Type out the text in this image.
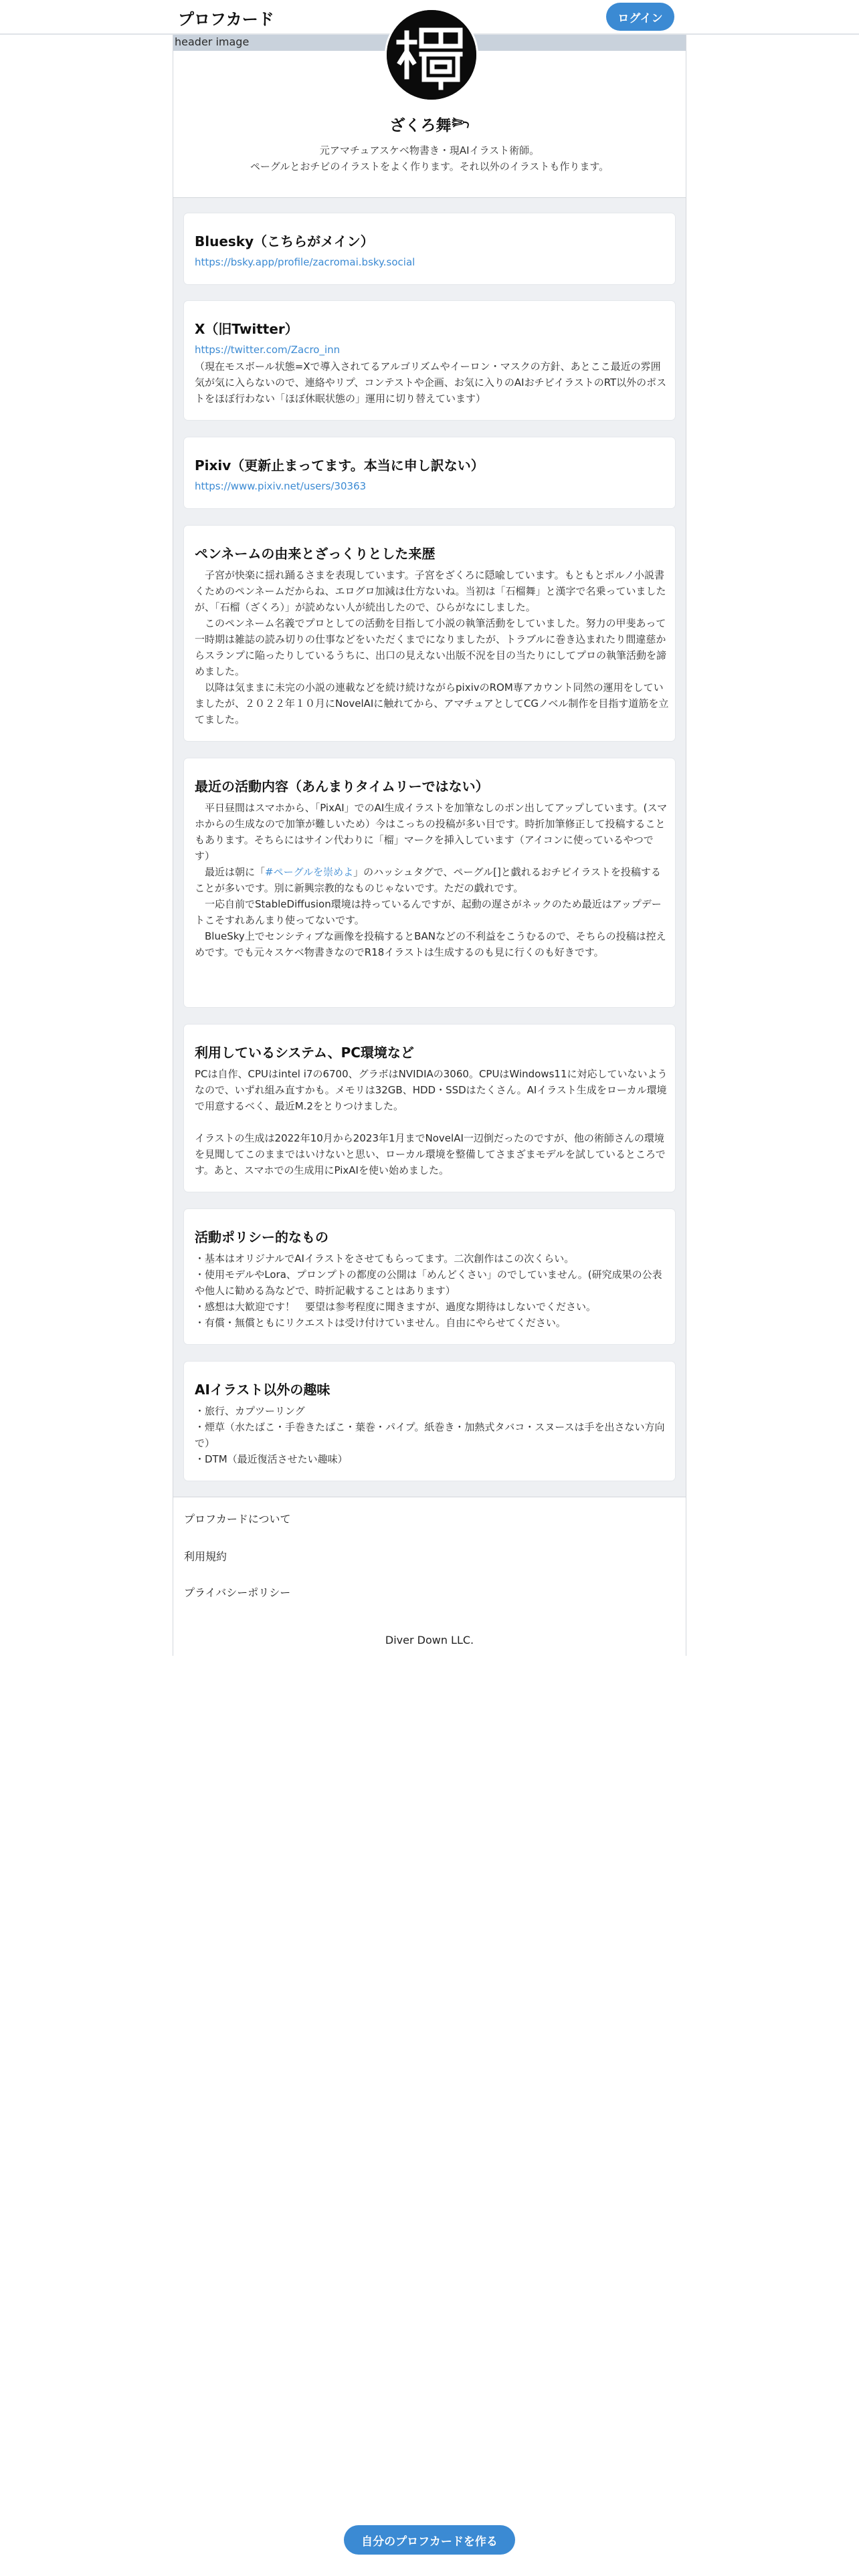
プロフカード	ログイン
header image
ざくろ舞𓆸
元アマチュアスケベ物書き・現AIイラスト術師。
ペーグルとおチビのイラストをよく作ります。それ以外のイラストも作ります。
Bluesky（こちらがメイン）
https://bsky.app/profile/zacromai.bsky.social
X（旧Twitter）
https://twitter.com/Zacro_inn

（現在モスボール状態=Xで導入されてるアルゴリズムやイーロン・マスクの方針、あとここ最近の雰囲気が気に入らないので、連絡やリプ、コンテストや企画、お気に入りのAIおチビイラストのRT以外のポストをほぼ行わない「ほぼ休眠状態の」運用に切り替えています）

Pixiv（更新止まってます。本当に申し訳ない）
https://www.pixiv.net/users/30363
ペンネームの由来とざっくりとした来歴

　子宮が快楽に揺れ踊るさまを表現しています。子宮をざくろに隠喩しています。もともとポルノ小説書くためのペンネームだからね、エログロ加減は仕方ないね。当初は「石榴舞」と漢字で名乗っていましたが、「石榴（ざくろ）」が読めない人が続出したので、ひらがなにしました。
　このペンネーム名義でプロとしての活動を目指して小説の執筆活動をしていました。努力の甲斐あって一時期は雑誌の読み切りの仕事などをいただくまでになりましたが、トラブルに巻き込まれたり間違慈からスランプに陥ったりしているうちに、出口の見えない出版不況を目の当たりにしてプロの執筆活動を諦めました。
　以降は気ままに未完の小説の連載などを続け続けながらpixivのROM専アカウント同然の運用をしていましたが、２０２２年１０月にNovelAIに触れてから、アマチュアとしてCGノベル制作を目指す道筋を立てました。

最近の活動内容（あんまりタイムリーではない）

　平日昼間はスマホから、「PixAI」でのAI生成イラストを加筆なしのポン出してアップしています。(スマホからの生成なので加筆が難しいため）今はこっちの投稿が多い目です。時折加筆修正して投稿することもあります。そちらにはサイン代わりに「榴」マークを挿入しています（アイコンに使っているやつです）
　最近は朝に「#ペーグルを崇めよ」のハッシュタグで、ペーグル[]と戯れるおチビイラストを投稿することが多いです。別に新興宗教的なものじゃないです。ただの戯れです。
　一応自前でStableDiffusion環境は持っているんですが、起動の遅さがネックのため最近はアップデートこそすれあんまり使ってないです。
　BlueSky上でセンシティブな画像を投稿するとBANなどの不利益をこうむるので、そちらの投稿は控えめです。でも元々スケベ物書きなのでR18イラストは生成するのも見に行くのも好きです。

利用しているシステム、PC環境など

PCは自作、CPUはintel i7の6700、グラボはNVIDIAの3060。CPUはWindows11に対応していないようなので、いずれ組み直すかも。メモリは32GB、HDD・SSDはたくさん。AIイラスト生成をローカル環境で用意するべく、最近M.2をとりつけました。

イラストの生成は2022年10月から2023年1月までNovelAI一辺倒だったのですが、他の術師さんの環境を見聞してこのままではいけないと思い、ローカル環境を整備してさまざまモデルを試しているところです。あと、スマホでの生成用にPixAIを使い始めました。

活動ポリシー的なもの

・基本はオリジナルでAIイラストをさせてもらってます。二次創作はこの次くらい。
・使用モデルやLora、プロンプトの都度の公開は「めんどくさい」のでしていません。(研究成果の公表や他人に勧める為などで、時折記載することはあります）
・感想は大歓迎です！　要望は参考程度に聞きますが、過度な期待はしないでください。
・有償・無償ともにリクエストは受け付けていません。自由にやらせてください。

AIイラスト以外の趣味

・旅行、カプツーリング
・煙草（水たばこ・手巻きたばこ・葉巻・パイプ。紙巻き・加熱式タバコ・スヌースは手を出さない方向で）
・DTM（最近復活させたい趣味）

プロフカードについて
利用規約
プライバシーポリシー
Diver Down LLC.
自分のプロフカードを作る
